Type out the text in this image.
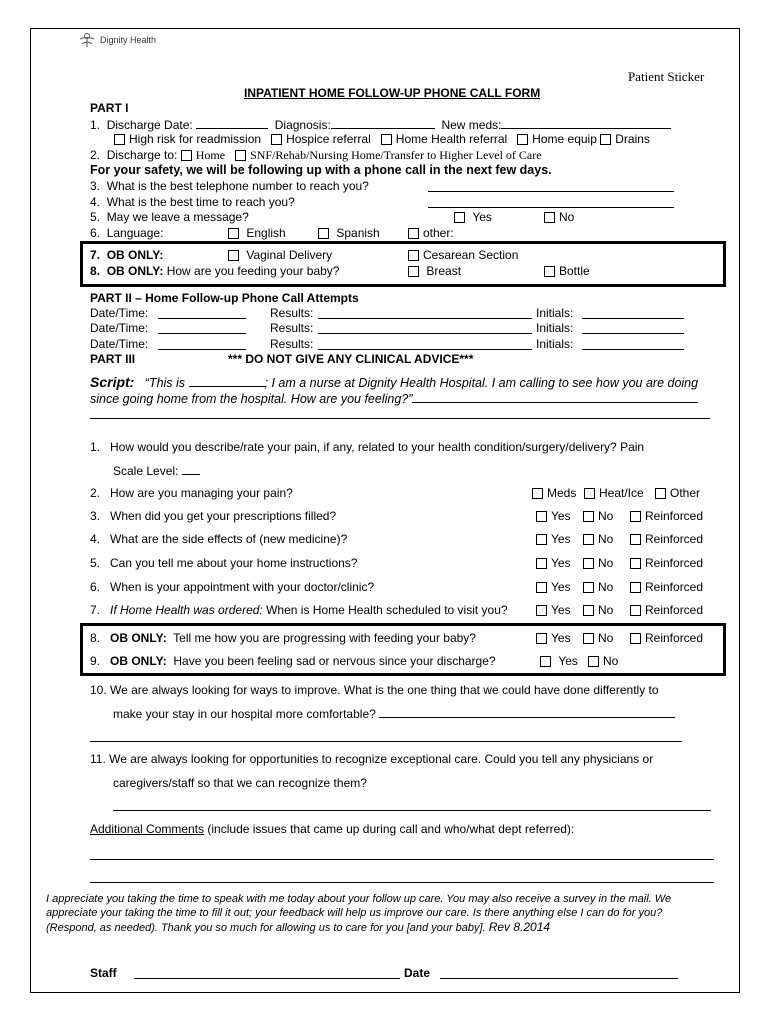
Dignity Health
Patient Sticker
INPATIENT HOME FOLLOW-UP PHONE CALL FORM
PART I
1. Discharge Date:	Diagnosis:	New meds:
High risk for readmission Hospice referral Home Health referral Home equip Drains
2. Discharge to: Home SNF/Rehab/Nursing Home/Transfer to Higher Level of Care
For your safety, we will be following up with a phone call in the next few days.
3. What is the best telephone number to reach you?
4. What is the best time to reach you?
5. May we leave a message?	Yes	No
6. Language:	English	Spanish	other:
7. OB ONLY:	Vaginal Delivery	Cesarean Section
8. OB ONLY: How are you feeding your baby?	Breast	Bottle
PART II – Home Follow-up Phone Call Attempts
Date/Time:	Results:	Initials:
Date/Time:	Results:	Initials:
Date/Time:	Results:	Initials:
PART III	*** DO NOT GIVE ANY CLINICAL ADVICE***
Script: “This is	; I am a nurse at Dignity Health Hospital. I am calling to see how you are doing
since going home from the hospital. How are you feeling?”
1.   How would you describe/rate your pain, if any, related to your health condition/surgery/delivery? Pain
Scale Level:
2.   How are you managing your pain?	Meds	Heat/Ice	Other
3.   When did you get your prescriptions filled?	Yes	No	Reinforced
4.   What are the side effects of (new medicine)?	Yes	No	Reinforced
5.   Can you tell me about your home instructions?	Yes	No	Reinforced
6.   When is your appointment with your doctor/clinic?	Yes	No	Reinforced
7.   If Home Health was ordered: When is Home Health scheduled to visit you?	Yes	No	Reinforced
8.   OB ONLY: Tell me how you are progressing with feeding your baby?	Yes	No	Reinforced
9.   OB ONLY: Have you been feeling sad or nervous since your discharge?	Yes	No
10. We are always looking for ways to improve. What is the one thing that we could have done differently to
make your stay in our hospital more comfortable?
11. We are always looking for opportunities to recognize exceptional care. Could you tell any physicians or
caregivers/staff so that we can recognize them?
Additional Comments (include issues that came up during call and who/what dept referred):
I appreciate you taking the time to speak with me today about your follow up care. You may also receive a survey in the mail. We
appreciate your taking the time to fill it out; your feedback will help us improve our care. Is there anything else I can do for you?
(Respond, as needed). Thank you so much for allowing us to care for you [and your baby]. Rev 8.2014
Staff	Date
